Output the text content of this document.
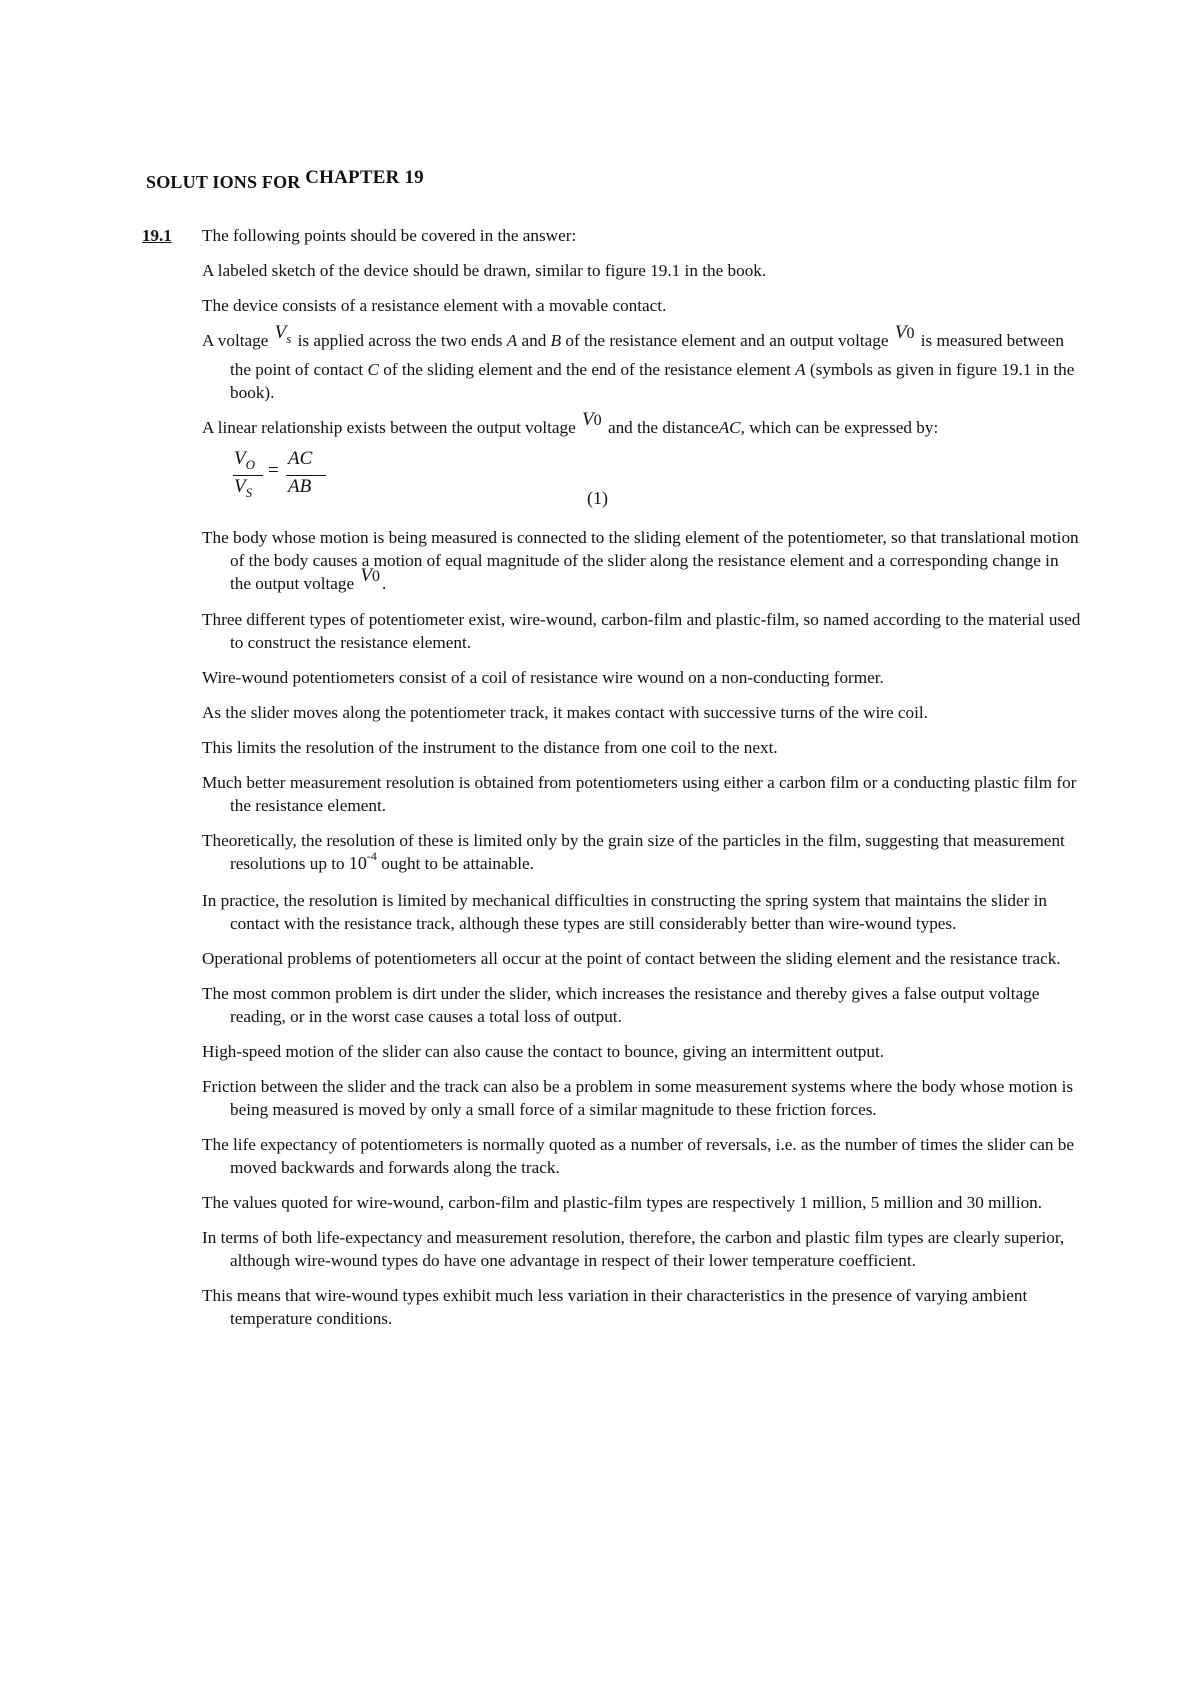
SOLUT IONS FOR CHAPTER 19
19.1 The following points should be covered in the answer:

A labeled sketch of the device should be drawn, similar to figure 19.1 in the book.

The device consists of a resistance element with a movable contact.

A voltage $V_s$ is applied across the two ends A and B of the resistance element and an output voltage V0 is measured between the point of contact C of the sliding element and the end of the resistance element A (symbols as given in figure 19.1 in the book).

A linear relationship exists between the output voltage V0 and the distanceAC, which can be expressed by:

$V_O$
$V_S$
=
AC
AB
(1)

The body whose motion is being measured is connected to the sliding element of the potentiometer, so that translational motion of the body causes a motion of equal magnitude of the slider along the resistance element and a corresponding change in the output voltage V0 .

Three different types of potentiometer exist, wire-wound, carbon-film and plastic-film, so named according to the material used to construct the resistance element.

Wire-wound potentiometers consist of a coil of resistance wire wound on a non-conducting former.

As the slider moves along the potentiometer track, it makes contact with successive turns of the wire coil.

This limits the resolution of the instrument to the distance from one coil to the next.

Much better measurement resolution is obtained from potentiometers using either a carbon film or a conducting plastic film for the resistance element.

Theoretically, the resolution of these is limited only by the grain size of the particles in the film, suggesting that measurement resolutions up to $10^{-4}$ ought to be attainable.

In practice, the resolution is limited by mechanical difficulties in constructing the spring system that maintains the slider in contact with the resistance track, although these types are still considerably better than wire-wound types.

Operational problems of potentiometers all occur at the point of contact between the sliding element and the resistance track.

The most common problem is dirt under the slider, which increases the resistance and thereby gives a false output voltage reading, or in the worst case causes a total loss of output.

High-speed motion of the slider can also cause the contact to bounce, giving an intermittent output.

Friction between the slider and the track can also be a problem in some measurement systems where the body whose motion is being measured is moved by only a small force of a similar magnitude to these friction forces.

The life expectancy of potentiometers is normally quoted as a number of reversals, i.e. as the number of times the slider can be moved backwards and forwards along the track.

The values quoted for wire-wound, carbon-film and plastic-film types are respectively 1 million, 5 million and 30 million.

In terms of both life-expectancy and measurement resolution, therefore, the carbon and plastic film types are clearly superior, although wire-wound types do have one advantage in respect of their lower temperature coefficient.

This means that wire-wound types exhibit much less variation in their characteristics in the presence of varying ambient temperature conditions.
